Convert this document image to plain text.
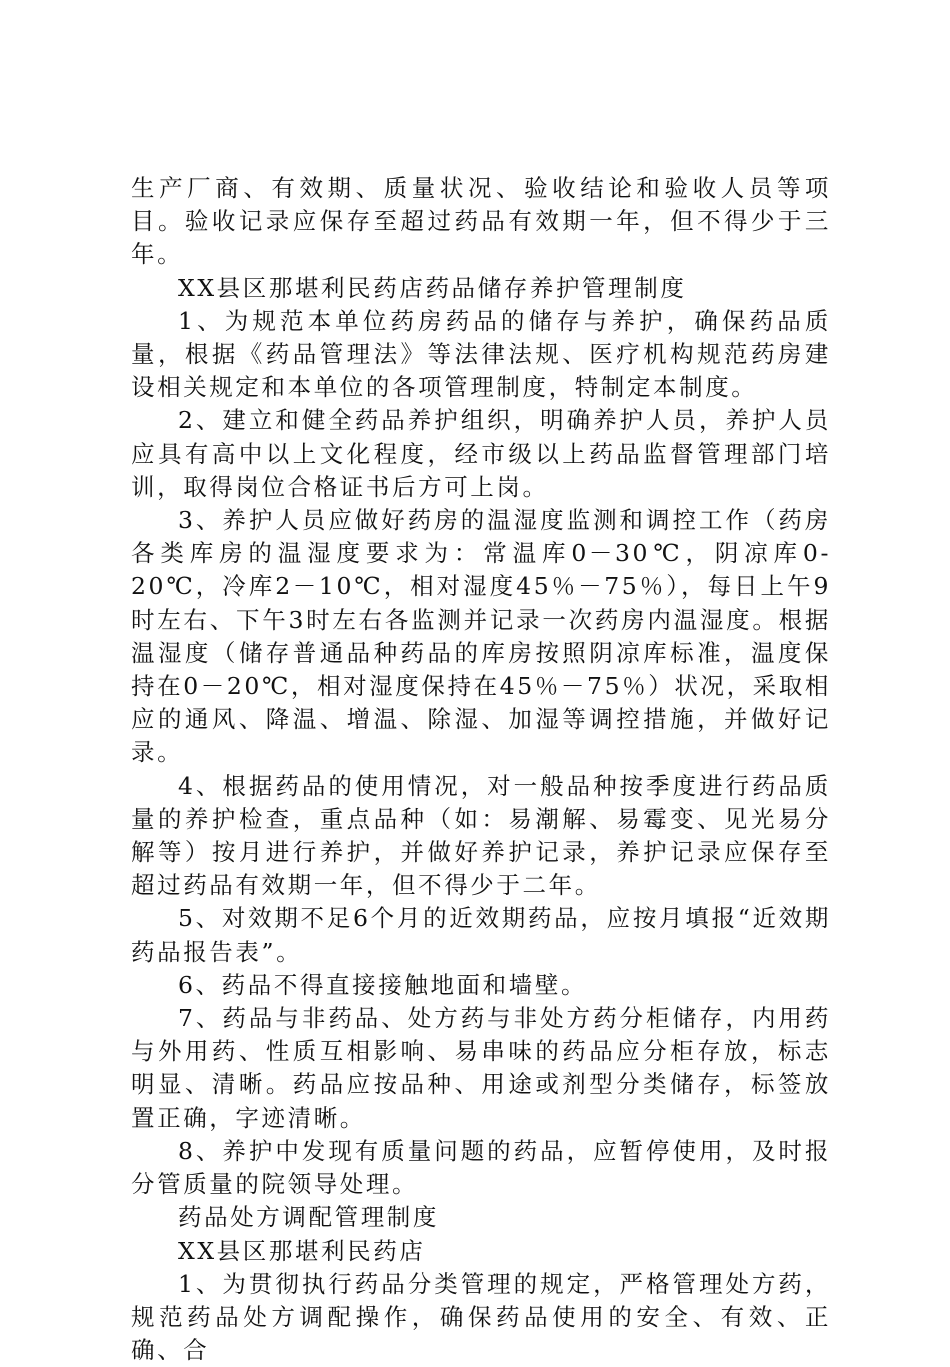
生产厂商、有效期、质量状况、验收结论和验收人员等项目。验收记录应保存至超过药品有效期一年，但不得少于三年。

XX县区那堪利民药店药品储存养护管理制度

1、为规范本单位药房药品的储存与养护，确保药品质量，根据《药品管理法》等法律法规、医疗机构规范药房建设相关规定和本单位的各项管理制度，特制定本制度。

2、建立和健全药品养护组织，明确养护人员，养护人员应具有高中以上文化程度，经市级以上药品监督管理部门培训，取得岗位合格证书后方可上岗。

3、养护人员应做好药房的温湿度监测和调控工作（药房各类库房的温湿度要求为：常温库0－30℃，阴凉库0-20℃，冷库2－10℃，相对湿度45％－75％），每日上午9时左右、下午3时左右各监测并记录一次药房内温湿度。根据温湿度（储存普通品种药品的库房按照阴凉库标准，温度保持在0－20℃，相对湿度保持在45％－75％）状况，采取相应的通风、降温、增温、除湿、加湿等调控措施，并做好记录。

4、根据药品的使用情况，对一般品种按季度进行药品质量的养护检查，重点品种（如：易潮解、易霉变、见光易分解等）按月进行养护，并做好养护记录，养护记录应保存至超过药品有效期一年，但不得少于二年。

5、对效期不足6个月的近效期药品，应按月填报“近效期药品报告表”。

6、药品不得直接接触地面和墙壁。

7、药品与非药品、处方药与非处方药分柜储存，内用药与外用药、性质互相影响、易串味的药品应分柜存放，标志明显、清晰。药品应按品种、用途或剂型分类储存，标签放置正确，字迹清晰。

8、养护中发现有质量问题的药品，应暂停使用，及时报分管质量的院领导处理。

药品处方调配管理制度

XX县区那堪利民药店

1、为贯彻执行药品分类管理的规定，严格管理处方药，规范药品处方调配操作，确保药品使用的安全、有效、正确、合
